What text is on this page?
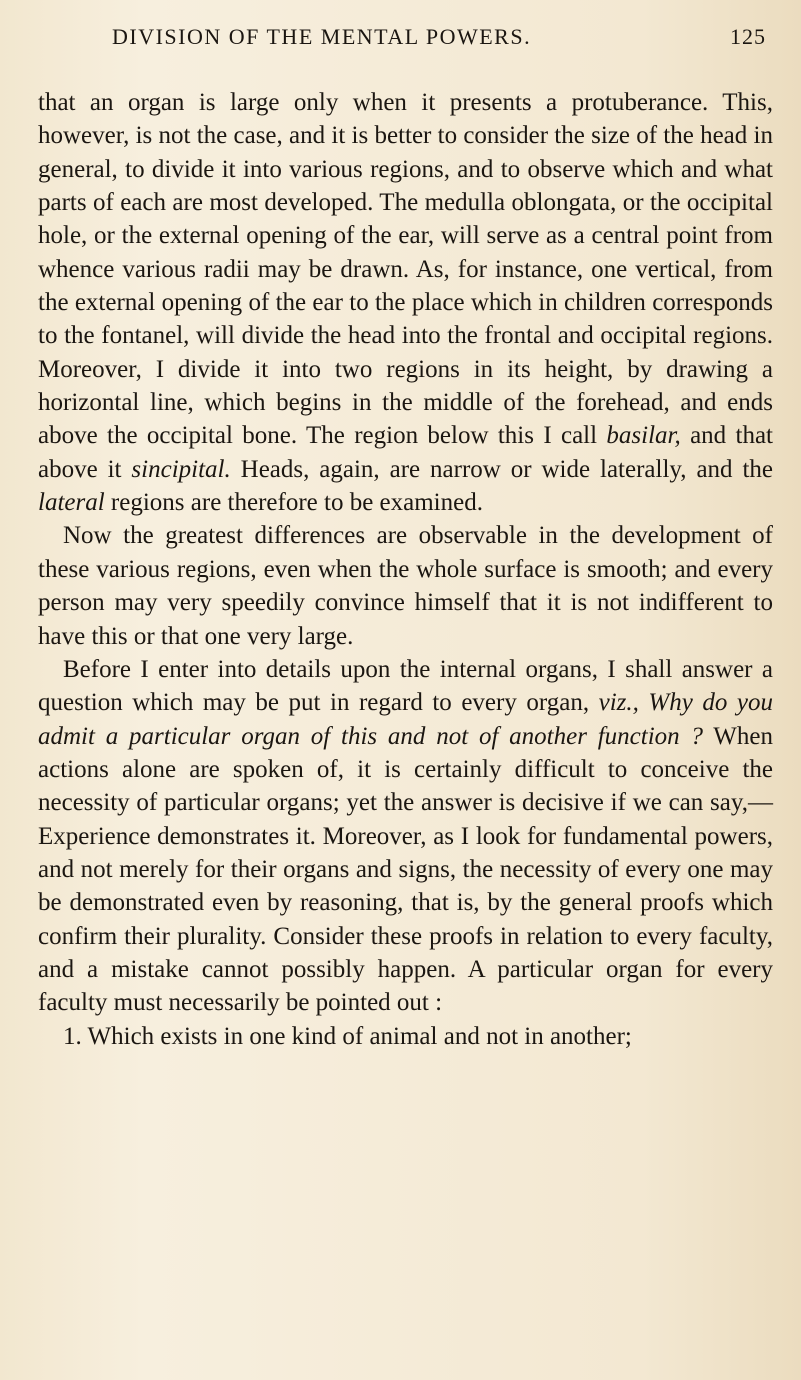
DIVISION OF THE MENTAL POWERS.	125

that an organ is large only when it presents a protuberance. This, however, is not the case, and it is better to consider the size of the head in general, to divide it into various regions, and to observe which and what parts of each are most developed. The medulla oblongata, or the occipital hole, or the external opening of the ear, will serve as a central point from whence various radii may be drawn. As, for instance, one vertical, from the external opening of the ear to the place which in children corresponds to the fontanel, will divide the head into the frontal and occipital regions. Moreover, I divide it into two regions in its height, by drawing a horizontal line, which begins in the middle of the forehead, and ends above the occipital bone. The region below this I call basilar, and that above it sincipital. Heads, again, are narrow or wide laterally, and the lateral regions are therefore to be examined.

Now the greatest differences are observable in the development of these various regions, even when the whole surface is smooth; and every person may very speedily convince himself that it is not indifferent to have this or that one very large.

Before I enter into details upon the internal organs, I shall answer a question which may be put in regard to every organ, viz., Why do you admit a particular organ of this and not of another function ? When actions alone are spoken of, it is certainly difficult to conceive the necessity of particular organs; yet the answer is decisive if we can say,—Experience demonstrates it. Moreover, as I look for fundamental powers, and not merely for their organs and signs, the necessity of every one may be demonstrated even by reasoning, that is, by the general proofs which confirm their plurality. Consider these proofs in relation to every faculty, and a mistake cannot possibly happen. A particular organ for every faculty must necessarily be pointed out :

1. Which exists in one kind of animal and not in another;
